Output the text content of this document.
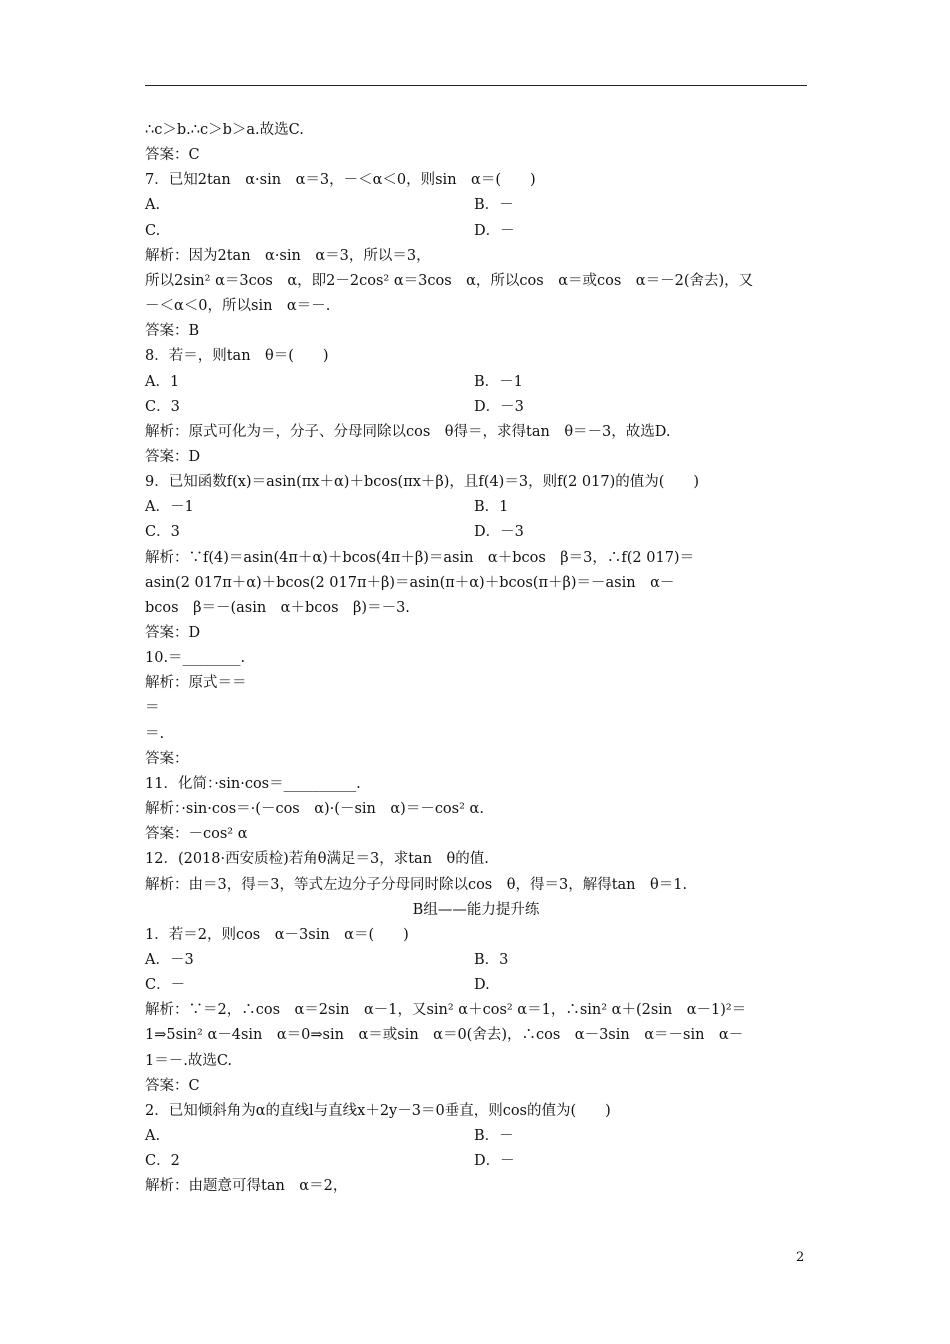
∴c＞b.∴c＞b＞a.故选C.
答案：C
7．已知2tan　α·sin　α＝3，－＜α＜0，则sin　α＝(　　)
A.	B．－
C.	D．－
解析：因为2tan　α·sin　α＝3，所以＝3，
所以2sin² α＝3cos　α，即2－2cos² α＝3cos　α，所以cos　α＝或cos　α＝－2(舍去)，又
－＜α＜0，所以sin　α＝－.
答案：B
8．若＝，则tan　θ＝(　　)
A．1	B．－1
C．3	D．－3
解析：原式可化为＝，分子、分母同除以cos　θ得＝，求得tan　θ＝－3，故选D.
答案：D
9．已知函数f(x)＝asin(πx＋α)＋bcos(πx＋β)，且f(4)＝3，则f(2 017)的值为(　　)
A．－1	B．1
C．3	D．－3
解析：∵f(4)＝asin(4π＋α)＋bcos(4π＋β)＝asin　α＋bcos　β＝3，∴f(2 017)＝
asin(2 017π＋α)＋bcos(2 017π＋β)＝asin(π＋α)＋bcos(π＋β)＝－asin　α－
bcos　β＝－(asin　α＋bcos　β)＝－3.
答案：D
10.＝________.
解析：原式＝＝
＝
＝.
答案：
11．化简：·sin·cos＝__________.
解析：·sin·cos＝·(－cos　α)·(－sin　α)＝－cos² α.
答案：－cos² α
12．(2018·西安质检)若角θ满足＝3，求tan　θ的值.
解析：由＝3，得＝3，等式左边分子分母同时除以cos　θ，得＝3，解得tan　θ＝1.
B组——能力提升练
1．若＝2，则cos　α－3sin　α＝(　　)
A．－3	B．3
C．－	D.
解析：∵＝2，∴cos　α＝2sin　α－1，又sin² α＋cos² α＝1，∴sin² α＋(2sin　α－1)²＝
1⇒5sin² α－4sin　α＝0⇒sin　α＝或sin　α＝0(舍去)，∴cos　α－3sin　α＝－sin　α－
1＝－.故选C.
答案：C
2．已知倾斜角为α的直线l与直线x＋2y－3＝0垂直，则cos的值为(　　)
A.	B．－
C．2	D．－
解析：由题意可得tan　α＝2，
2
